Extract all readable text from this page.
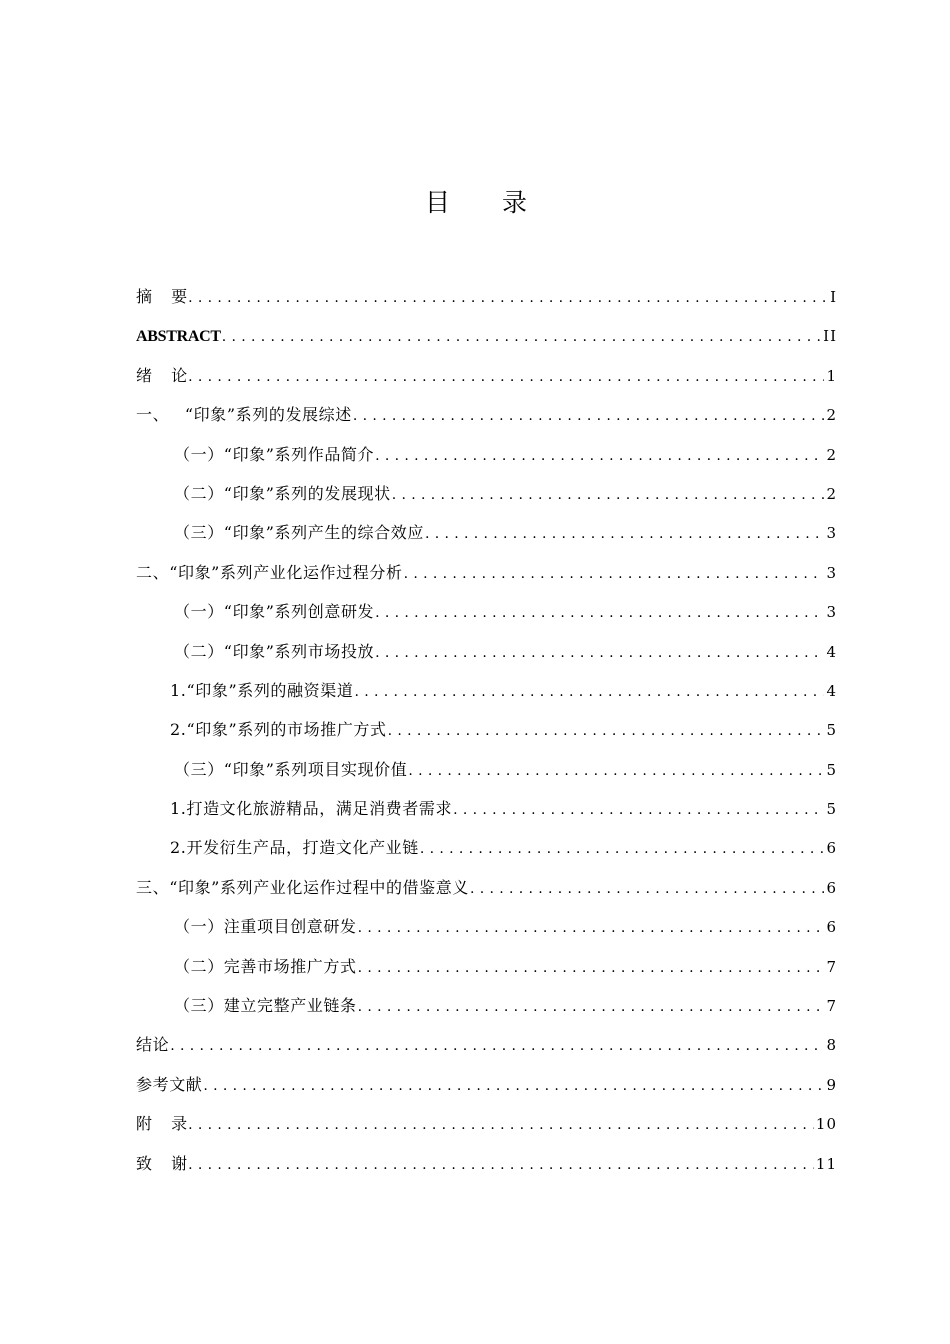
目 录
摘 要 .....	I
ABSTRACT .....	II
绪 论 .....	1
一、 “印象”系列的发展综述 .....	2
（一）“印象”系列作品简介 .....	2
（二）“印象”系列的发展现状 .....	2
（三）“印象”系列产生的综合效应 .....	3
二、“印象”系列产业化运作过程分析 .....	3
（一）“印象”系列创意研发 .....	3
（二）“印象”系列市场投放 .....	4
1.“印象”系列的融资渠道 .....	4
2.“印象”系列的市场推广方式 .....	5
（三）“印象”系列项目实现价值 .....	5
1.打造文化旅游精品，满足消费者需求 .....	5
2.开发衍生产品，打造文化产业链 .....	6
三、“印象”系列产业化运作过程中的借鉴意义 .....	6
（一）注重项目创意研发 .....	6
（二）完善市场推广方式 .....	7
（三）建立完整产业链条 .....	7
结论 .....	8
参考文献 .....	9
附 录 .....	10
致 谢 .....	11
